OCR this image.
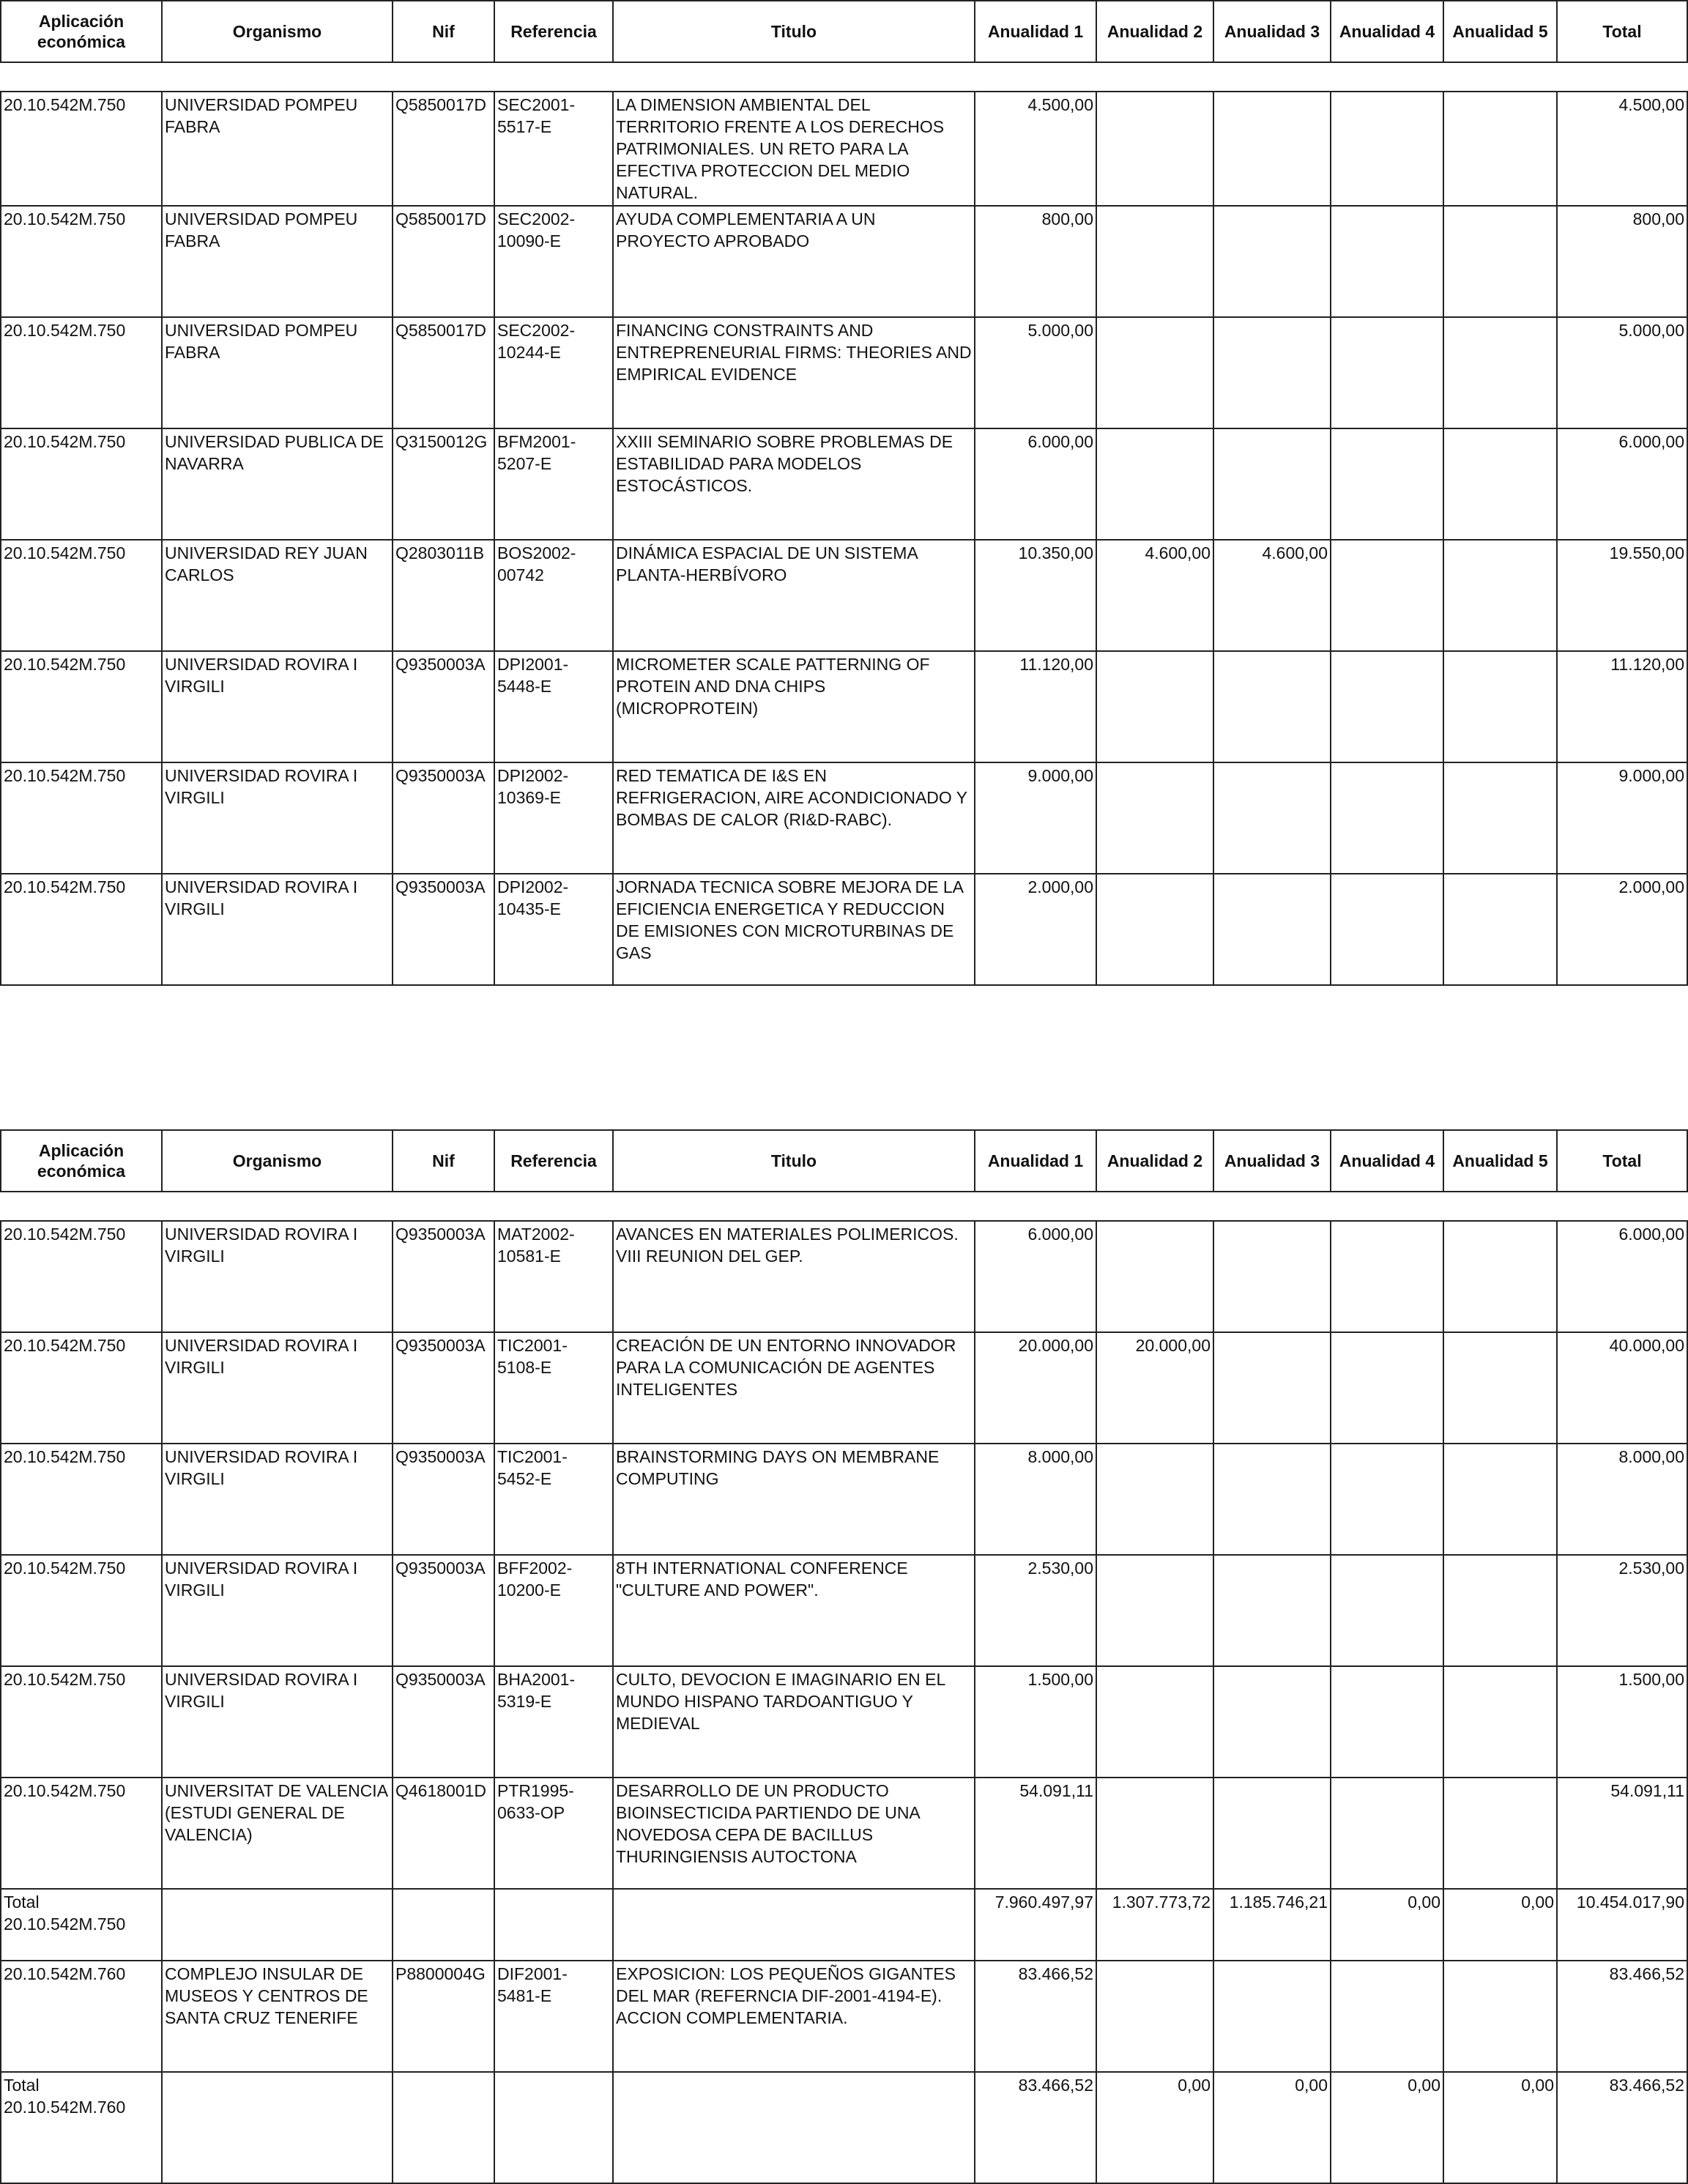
Aplicación económica	Organismo	Nif	Referencia	Titulo	Anualidad 1	Anualidad 2	Anualidad 3	Anualidad 4	Anualidad 5	Total
20.10.542M.750	UNIVERSIDAD POMPEU FABRA	Q5850017D	SEC2001-5517-E	LA DIMENSION AMBIENTAL DEL TERRITORIO FRENTE A LOS DERECHOS PATRIMONIALES. UN RETO PARA LA EFECTIVA PROTECCION DEL MEDIO NATURAL.	4.500,00					4.500,00
20.10.542M.750	UNIVERSIDAD POMPEU FABRA	Q5850017D	SEC2002-10090-E	AYUDA COMPLEMENTARIA A UN PROYECTO APROBADO	800,00					800,00
20.10.542M.750	UNIVERSIDAD POMPEU FABRA	Q5850017D	SEC2002-10244-E	FINANCING CONSTRAINTS AND ENTREPRENEURIAL FIRMS: THEORIES AND EMPIRICAL EVIDENCE	5.000,00					5.000,00
20.10.542M.750	UNIVERSIDAD PUBLICA DE NAVARRA	Q3150012G	BFM2001-5207-E	XXIII SEMINARIO SOBRE PROBLEMAS DE ESTABILIDAD PARA MODELOS ESTOCÁSTICOS.	6.000,00					6.000,00
20.10.542M.750	UNIVERSIDAD REY JUAN CARLOS	Q2803011B	BOS2002-00742	DINÁMICA ESPACIAL DE UN SISTEMA PLANTA-HERBÍVORO	10.350,00	4.600,00	4.600,00			19.550,00
20.10.542M.750	UNIVERSIDAD ROVIRA I VIRGILI	Q9350003A	DPI2001-5448-E	MICROMETER SCALE PATTERNING OF PROTEIN AND DNA CHIPS (MICROPROTEIN)	11.120,00					11.120,00
20.10.542M.750	UNIVERSIDAD ROVIRA I VIRGILI	Q9350003A	DPI2002-10369-E	RED TEMATICA DE I&S EN REFRIGERACION, AIRE ACONDICIONADO Y BOMBAS DE CALOR (RI&D-RABC).	9.000,00					9.000,00
20.10.542M.750	UNIVERSIDAD ROVIRA I VIRGILI	Q9350003A	DPI2002-10435-E	JORNADA TECNICA SOBRE MEJORA DE LA EFICIENCIA ENERGETICA Y REDUCCION DE EMISIONES CON MICROTURBINAS DE GAS	2.000,00					2.000,00
Aplicación económica	Organismo	Nif	Referencia	Titulo	Anualidad 1	Anualidad 2	Anualidad 3	Anualidad 4	Anualidad 5	Total
20.10.542M.750	UNIVERSIDAD ROVIRA I VIRGILI	Q9350003A	MAT2002-10581-E	AVANCES EN MATERIALES POLIMERICOS. VIII REUNION DEL GEP.	6.000,00					6.000,00
20.10.542M.750	UNIVERSIDAD ROVIRA I VIRGILI	Q9350003A	TIC2001-5108-E	CREACIÓN DE UN ENTORNO INNOVADOR PARA LA COMUNICACIÓN DE AGENTES INTELIGENTES	20.000,00	20.000,00				40.000,00
20.10.542M.750	UNIVERSIDAD ROVIRA I VIRGILI	Q9350003A	TIC2001-5452-E	BRAINSTORMING DAYS ON MEMBRANE COMPUTING	8.000,00					8.000,00
20.10.542M.750	UNIVERSIDAD ROVIRA I VIRGILI	Q9350003A	BFF2002-10200-E	8TH INTERNATIONAL CONFERENCE "CULTURE AND POWER".	2.530,00					2.530,00
20.10.542M.750	UNIVERSIDAD ROVIRA I VIRGILI	Q9350003A	BHA2001-5319-E	CULTO, DEVOCION E IMAGINARIO EN EL MUNDO HISPANO TARDOANTIGUO Y MEDIEVAL	1.500,00					1.500,00
20.10.542M.750	UNIVERSITAT DE VALENCIA (ESTUDI GENERAL DE VALENCIA)	Q4618001D	PTR1995-0633-OP	DESARROLLO DE UN PRODUCTO BIOINSECTICIDA PARTIENDO DE UNA NOVEDOSA CEPA DE BACILLUS THURINGIENSIS AUTOCTONA	54.091,11					54.091,11
Total 20.10.542M.750					7.960.497,97	1.307.773,72	1.185.746,21	0,00	0,00	10.454.017,90
20.10.542M.760	COMPLEJO INSULAR DE MUSEOS Y CENTROS DE SANTA CRUZ TENERIFE	P8800004G	DIF2001-5481-E	EXPOSICION: LOS PEQUEÑOS GIGANTES DEL MAR (REFERNCIA DIF-2001-4194-E). ACCION COMPLEMENTARIA.	83.466,52					83.466,52
Total 20.10.542M.760					83.466,52	0,00	0,00	0,00	0,00	83.466,52
